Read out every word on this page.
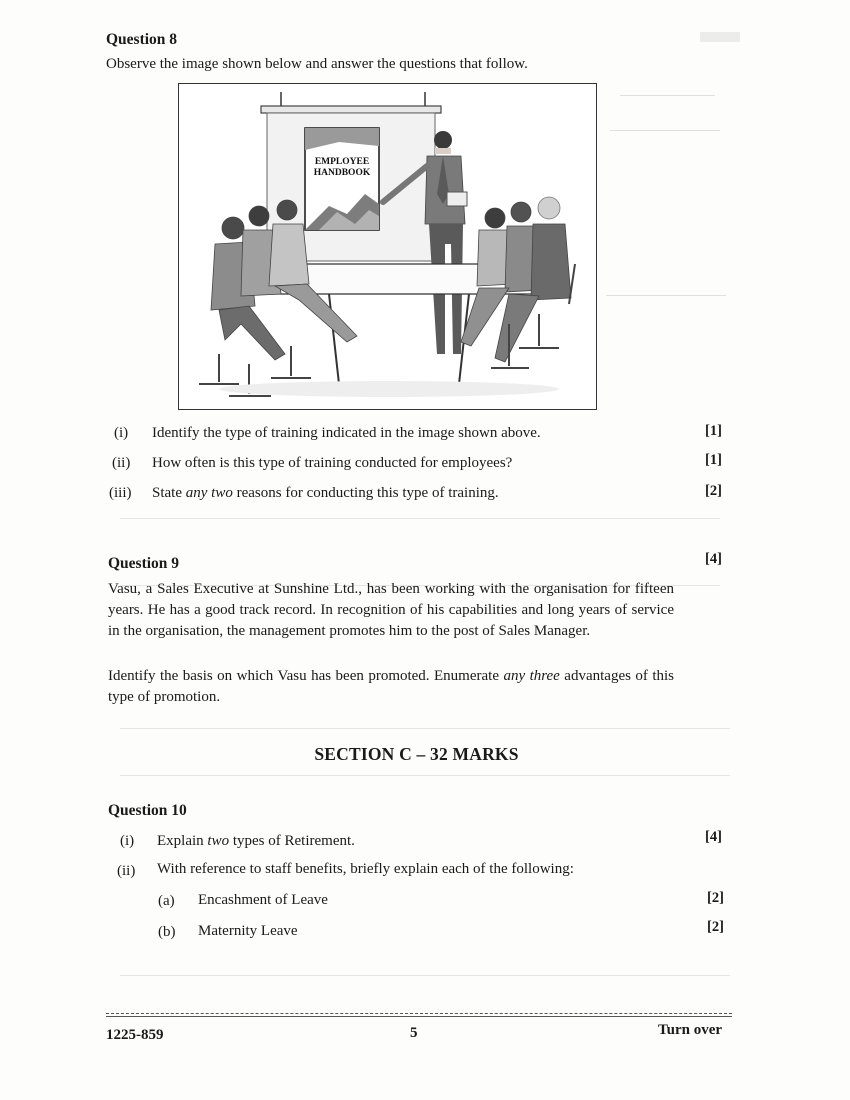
Question 8
Observe the image shown below and answer the questions that follow.
EMPLOYEE
HANDBOOK
(i) Identify the type of training indicated in the image shown above.	[1]
(ii) How often is this type of training conducted for employees?	[1]
(iii) State any two reasons for conducting this type of training.	[2]
Question 9	[4]
Vasu, a Sales Executive at Sunshine Ltd., has been working with the organisation for fifteen years. He has a good track record. In recognition of his capabilities and long years of service in the organisation, the management promotes him to the post of Sales Manager.
Identify the basis on which Vasu has been promoted. Enumerate any three advantages of this type of promotion.
SECTION C – 32 MARKS
Question 10
(i) Explain two types of Retirement.	[4]
(ii) With reference to staff benefits, briefly explain each of the following:
(a) Encashment of Leave	[2]
(b) Maternity Leave	[2]
1225-859	5	Turn over
